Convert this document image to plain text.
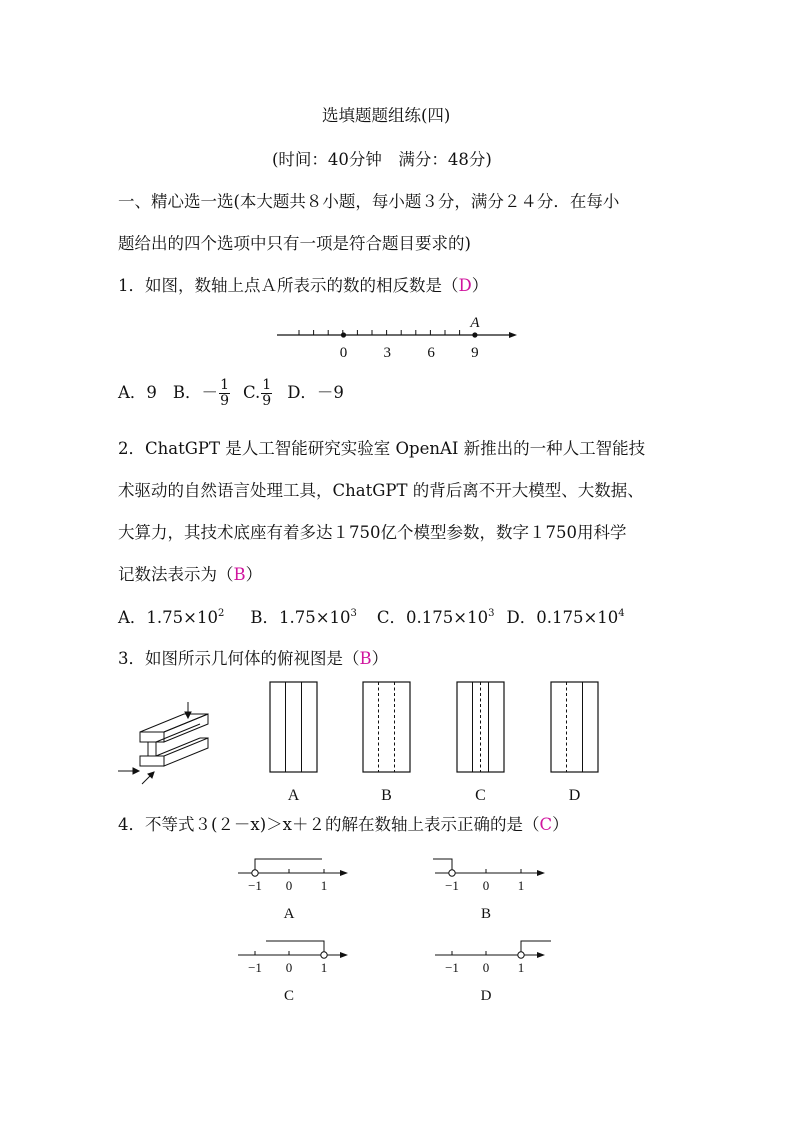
选填题题组练(四)
(时间：40分钟　满分：48分)
一、精心选一选(本大题共８小题，每小题３分，满分２４分．在每小
题给出的四个选项中只有一项是符合题目要求的)
1．如图，数轴上点Ａ所表示的数的相反数是（D）
A
0 3 6 9
A．9 B．－ $\frac{1}{9} C$. $\frac{1}{9}$ D．－9
2．ChatGPT 是人工智能研究实验室 OpenAI 新推出的一种人工智能技
术驱动的自然语言处理工具，ChatGPT 的背后离不开大模型、大数据、
大算力，其技术底座有着多达１750亿个模型参数，数字１750用科学
记数法表示为（B）
A．$1.75\times 10^2$ B．$1.75\times 10^3$ C．$0.175\times 10^3$ D．$0.175\times 10^4$
3．如图所示几何体的俯视图是（B）
A	B	C	D
4．不等式３(２－x)＞x＋２的解在数轴上表示正确的是（C）
−1 0 1
A
−1 0 1
B
−1 0 1
C
−1 0 1
D
